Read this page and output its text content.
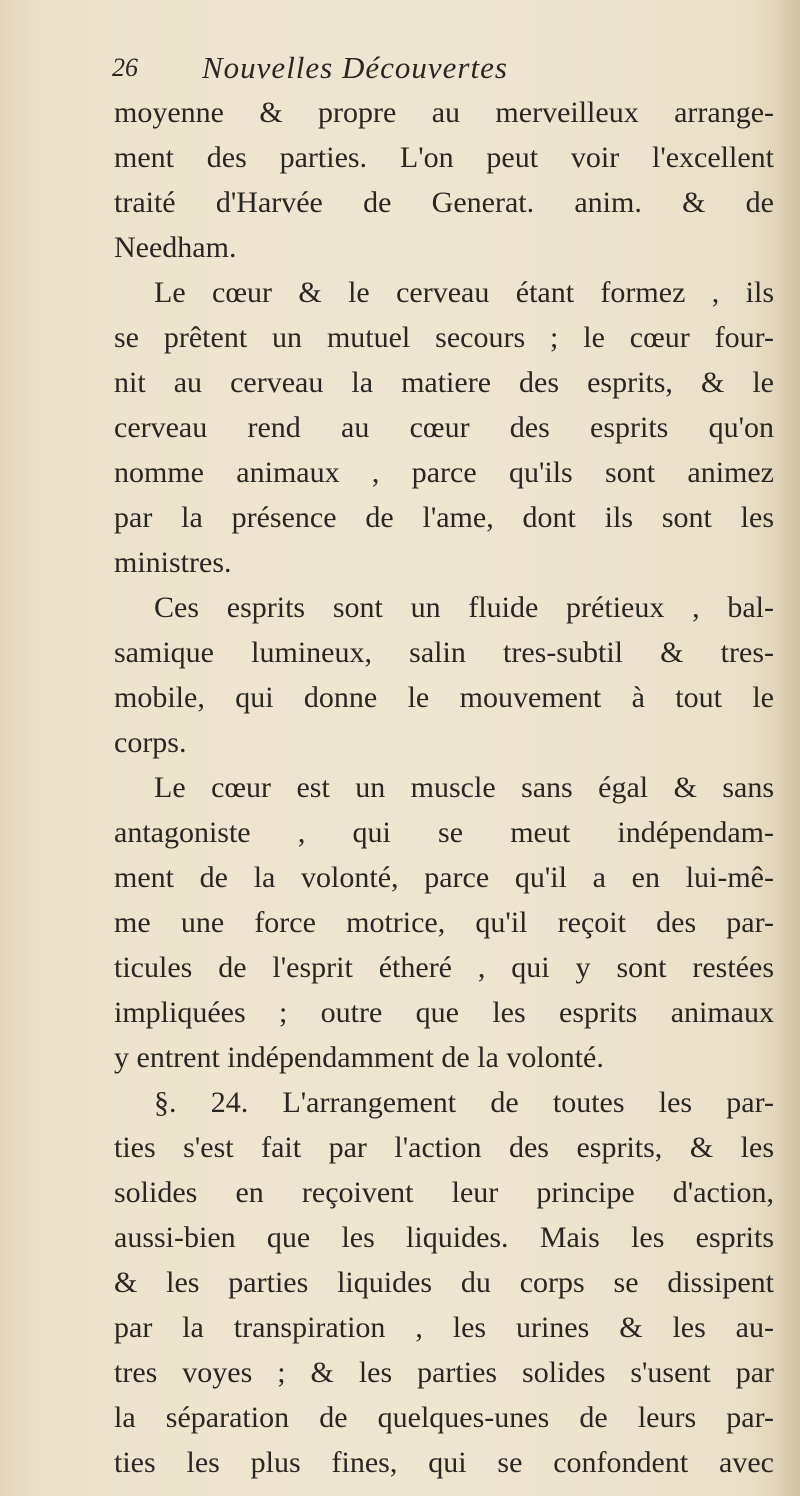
26 Nouvelles Découvertes
moyenne & propre au merveilleux arrange-
ment des parties. L'on peut voir l'excellent
traité d'Harvée de Generat. anim. & de
Needham.
Le cœur & le cerveau étant formez , ils
se prêtent un mutuel secours ; le cœur four-
nit au cerveau la matiere des esprits, & le
cerveau rend au cœur des esprits qu'on
nomme animaux , parce qu'ils sont animez
par la présence de l'ame, dont ils sont les
ministres.
Ces esprits sont un fluide prétieux , bal-
samique lumineux, salin tres-subtil & tres-
mobile, qui donne le mouvement à tout le
corps.
Le cœur est un muscle sans égal & sans
antagoniste , qui se meut indépendam-
ment de la volonté, parce qu'il a en lui-mê-
me une force motrice, qu'il reçoit des par-
ticules de l'esprit étheré , qui y sont restées
impliquées ; outre que les esprits animaux
y entrent indépendamment de la volonté.
§. 24. L'arrangement de toutes les par-
ties s'est fait par l'action des esprits, & les
solides en reçoivent leur principe d'action,
aussi-bien que les liquides. Mais les esprits
& les parties liquides du corps se dissipent
par la transpiration , les urines & les au-
tres voyes ; & les parties solides s'usent par
la séparation de quelques-unes de leurs par-
ties les plus fines, qui se confondent avec
